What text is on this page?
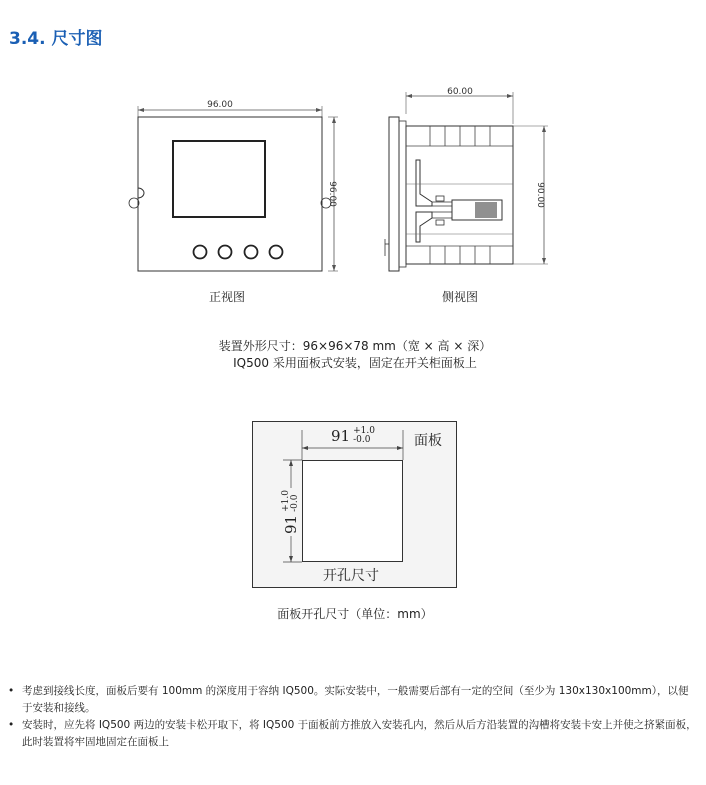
3.4. 尺寸图
96.00
96.00
正视图
60.00
90.00
侧视图
装置外形尺寸：96×96×78 mm（宽 × 高 × 深）
IQ500 采用面板式安装，固定在开关柜面板上
91 +1.0
-0.0	面板
91
+1.0 -0.0
开孔尺寸
面板开孔尺寸（单位：mm）
• 考虑到接线长度，面板后要有 100mm 的深度用于容纳 IQ500。实际安装中，一般需要后部有一定的空间（至少为 130x130x100mm），以便于安装和接线。
• 安装时，应先将 IQ500 两边的安装卡松开取下，将 IQ500 于面板前方推放入安装孔内，然后从后方沿装置的沟槽将安装卡安上并使之挤紧面板，此时装置将牢固地固定在面板上
